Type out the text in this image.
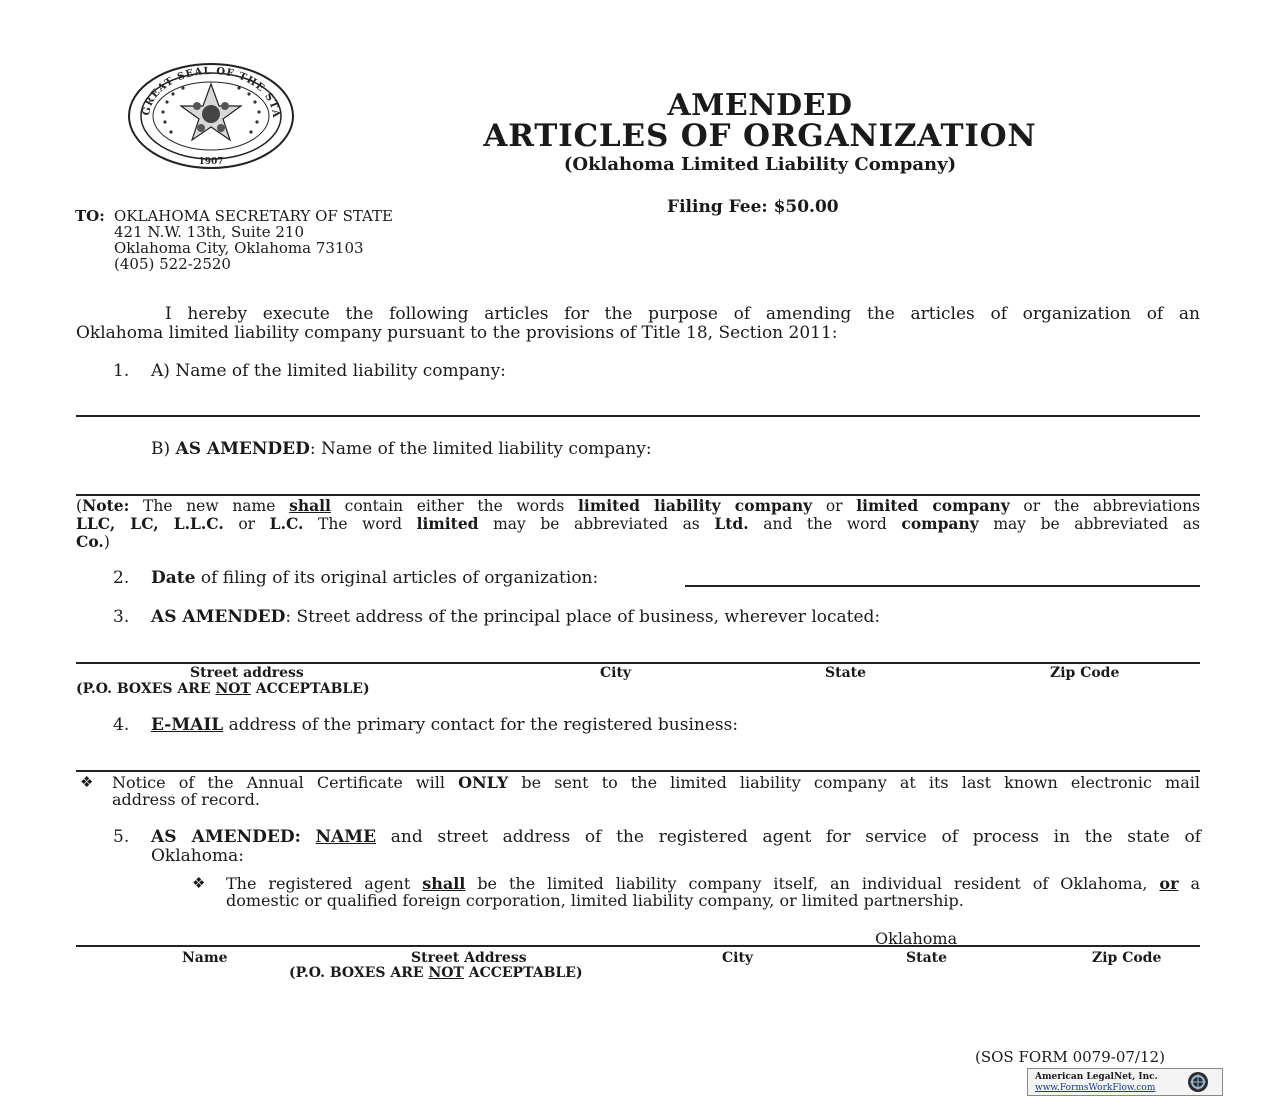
GREAT SEAL OF THE STA
1907
AMENDED
ARTICLES OF ORGANIZATION
(Oklahoma Limited Liability Company)
Filing Fee: $50.00
TO: OKLAHOMA SECRETARY OF STATE
421 N.W. 13th, Suite 210
Oklahoma City, Oklahoma 73103
(405) 522-2520
I hereby execute the following articles for the purpose of amending the articles of organization of an
Oklahoma limited liability company pursuant to the provisions of Title 18, Section 2011:
1. A) Name of the limited liability company:
B) AS AMENDED: Name of the limited liability company:
(Note: The new name shall contain either the words limited liability company or limited company or the abbreviations
LLC, LC, L.L.C. or L.C. The word limited may be abbreviated as Ltd. and the word company may be abbreviated as
Co.)
2. Date of filing of its original articles of organization:
3. AS AMENDED: Street address of the principal place of business, wherever located:
Street address	City	State	Zip Code
(P.O. BOXES ARE NOT ACCEPTABLE)
4. E-MAIL address of the primary contact for the registered business:
❖ Notice of the Annual Certificate will ONLY be sent to the limited liability company at its last known electronic mail
address of record.
5. AS AMENDED: NAME and street address of the registered agent for service of process in the state of
Oklahoma:
❖ The registered agent shall be the limited liability company itself, an individual resident of Oklahoma, or a
domestic or qualified foreign corporation, limited liability company, or limited partnership.
Oklahoma
Name	Street Address	City	State	Zip Code
(P.O. BOXES ARE NOT ACCEPTABLE)
(SOS FORM 0079-07/12)
American LegalNet, Inc.
www.FormsWorkFlow.com
